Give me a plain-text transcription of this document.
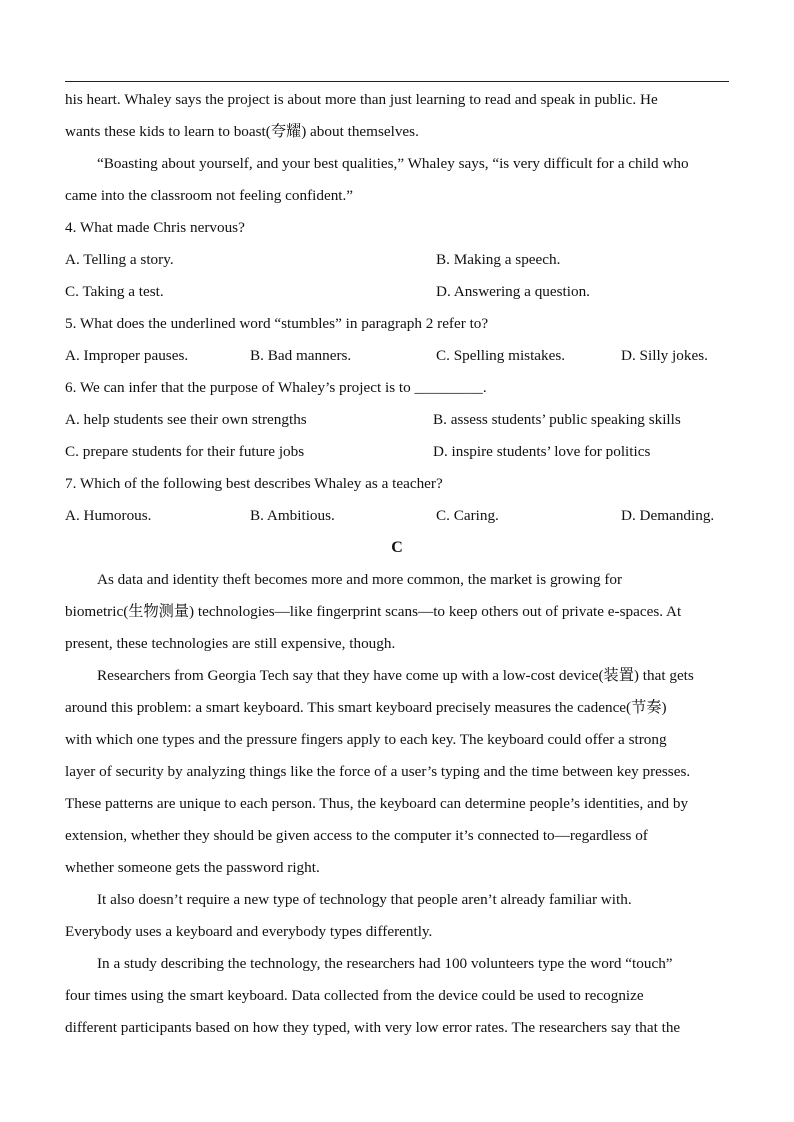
his heart. Whaley says the project is about more than just learning to read and speak in public. He
wants these kids to learn to boast(夸耀) about themselves.
“Boasting about yourself, and your best qualities,” Whaley says, “is very difficult for a child who
came into the classroom not feeling confident.”
4. What made Chris nervous?
A. Telling a story.	B. Making a speech.
C. Taking a test.	D. Answering a question.
5. What does the underlined word “stumbles” in paragraph 2 refer to?
A. Improper pauses.	B. Bad manners.	C. Spelling mistakes.	D. Silly jokes.
6. We can infer that the purpose of Whaley’s project is to _________.
A. help students see their own strengths	B. assess students’ public speaking skills
C. prepare students for their future jobs	D. inspire students’ love for politics
7. Which of the following best describes Whaley as a teacher?
A. Humorous.	B. Ambitious.	C. Caring.	D. Demanding.
C
As data and identity theft becomes more and more common, the market is growing for
biometric(生物测量) technologies—like fingerprint scans—to keep others out of private e-spaces. At
present, these technologies are still expensive, though.
Researchers from Georgia Tech say that they have come up with a low-cost device(装置) that gets
around this problem: a smart keyboard. This smart keyboard precisely measures the cadence(节奏)
with which one types and the pressure fingers apply to each key. The keyboard could offer a strong
layer of security by analyzing things like the force of a user’s typing and the time between key presses.
These patterns are unique to each person. Thus, the keyboard can determine people’s identities, and by
extension, whether they should be given access to the computer it’s connected to—regardless of
whether someone gets the password right.
It also doesn’t require a new type of technology that people aren’t already familiar with.
Everybody uses a keyboard and everybody types differently.
In a study describing the technology, the researchers had 100 volunteers type the word “touch”
four times using the smart keyboard. Data collected from the device could be used to recognize
different participants based on how they typed, with very low error rates. The researchers say that the
